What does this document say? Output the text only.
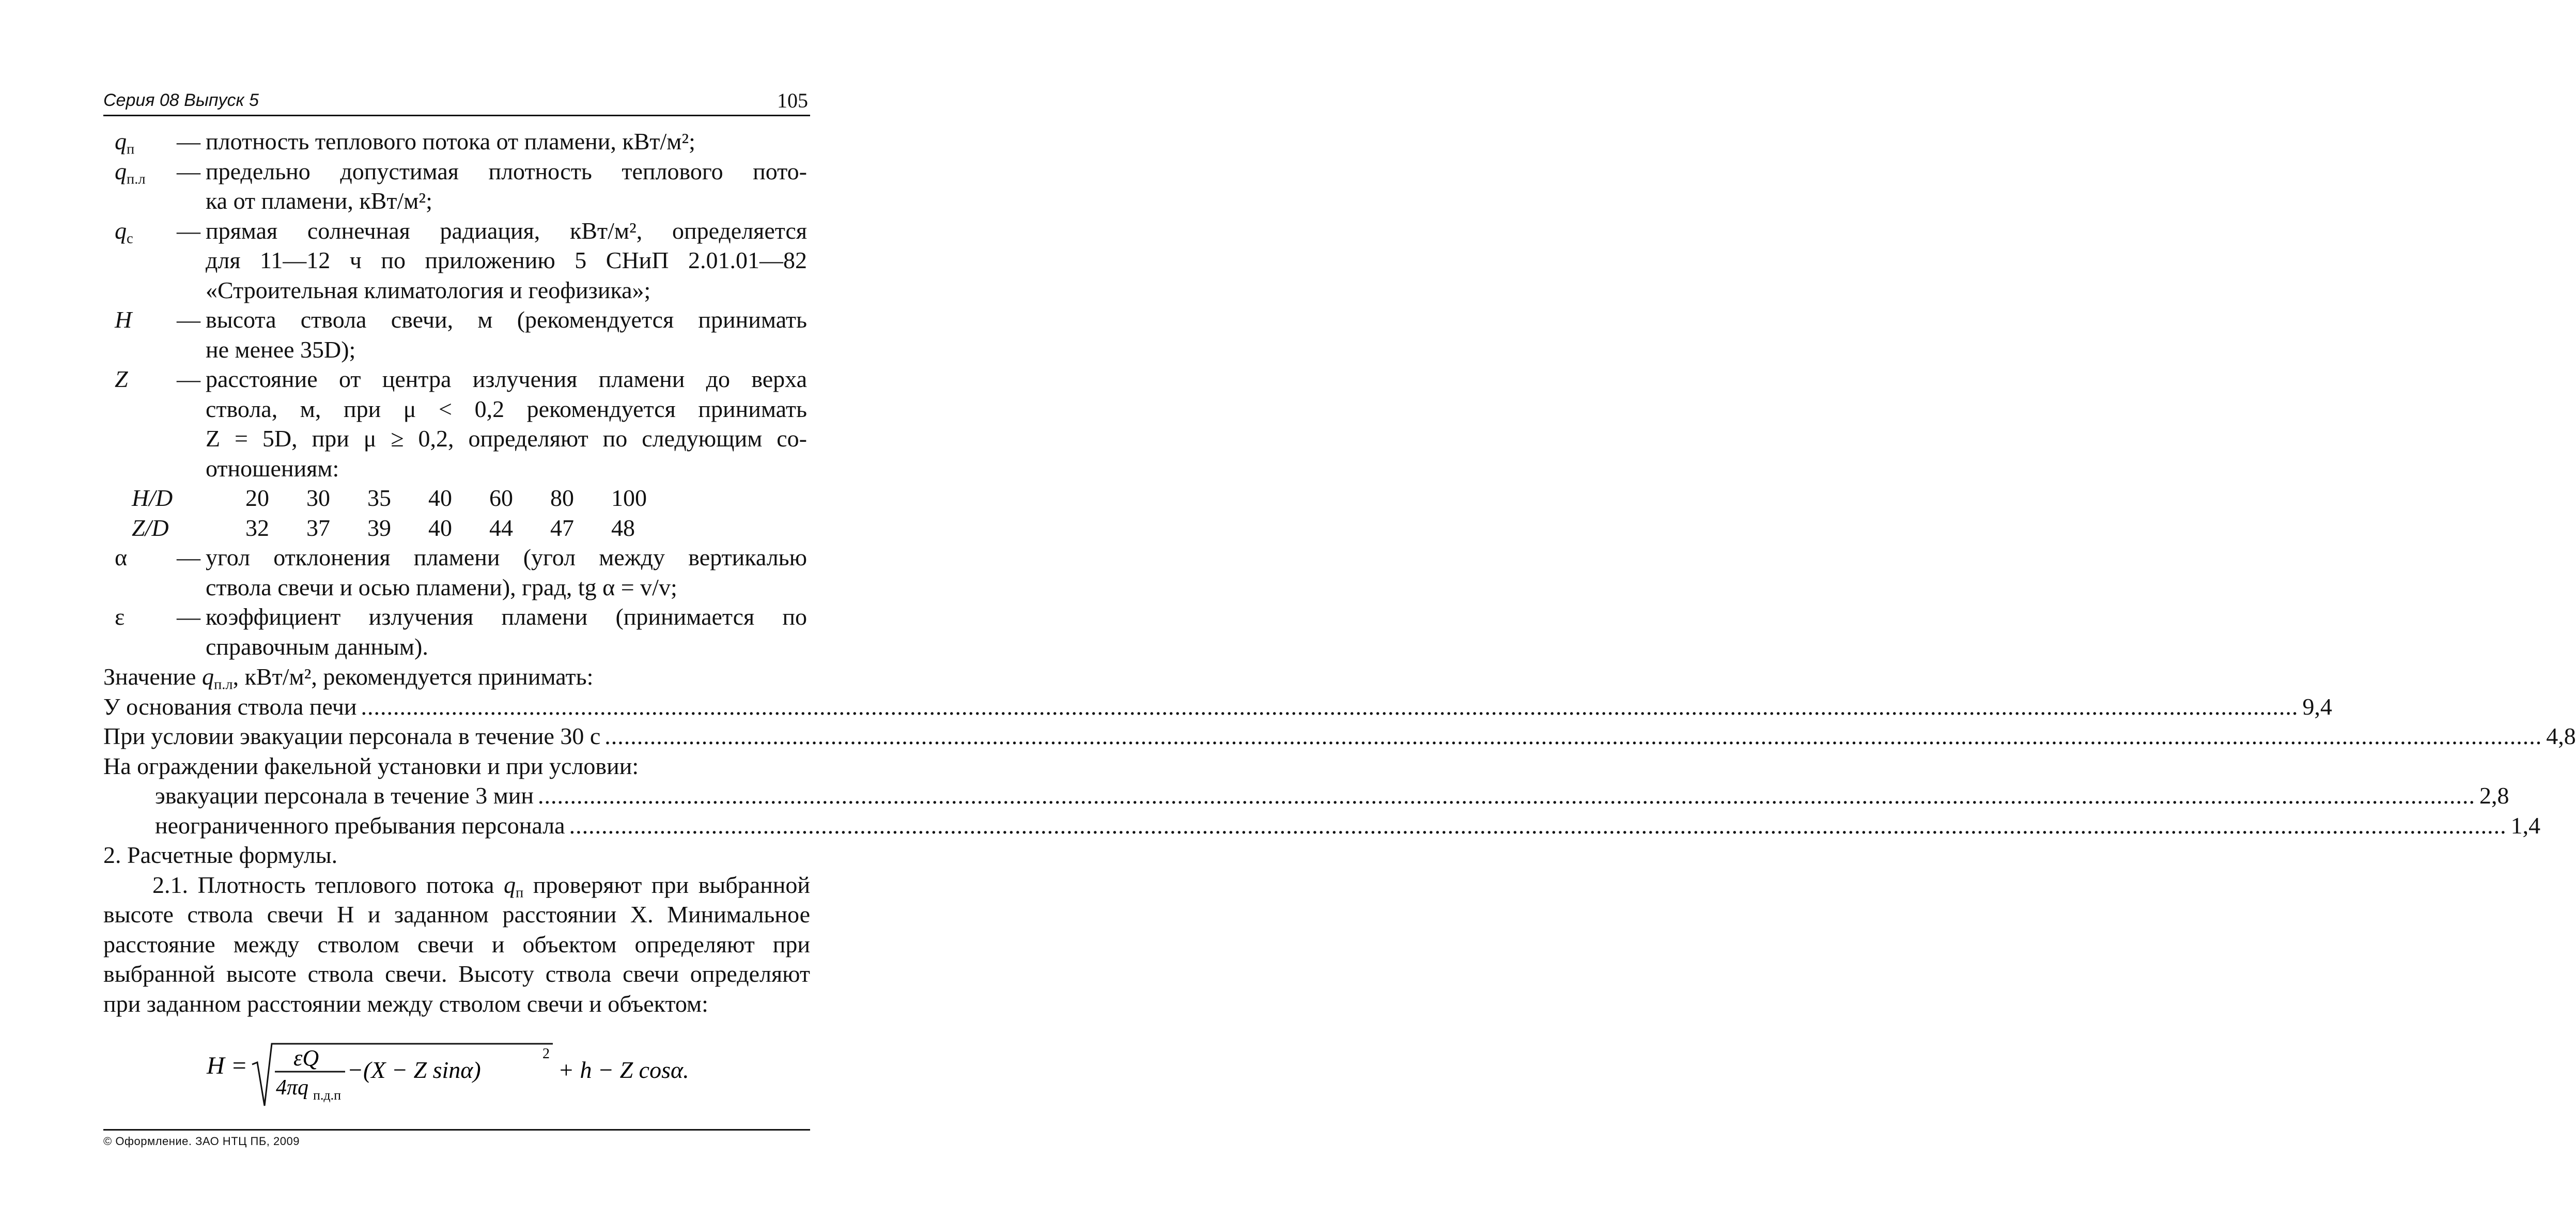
Серия 08 Выпуск 5	105
$q_п$	— плотность теплового потока от пламени, кВт/м²;
$q_{п.л}$	— предельно допустимая плотность теплового пото-
ка от пламени, кВт/м²;
$q_с$	— прямая солнечная радиация, кВт/м², определяется
для 11—12 ч по приложению 5 СНиП 2.01.01—82
«Строительная климатология и геофизика»;
H	— высота ствола свечи, м (рекомендуется принимать
не менее 35D);
Z	— расстояние от центра излучения пламени до верха
ствола, м, при μ < 0,2 рекомендуется принимать
Z = 5D, при μ ≥ 0,2, определяют по следующим со-
отношениям:
H/D	20	30	35	40	60	80	100
Z/D	32	37	39	40	44	47	48
α	— угол отклонения пламени (угол между вертикалью
ствола свечи и осью пламени), град, tg α = v/v;
ε	— коэффициент излучения пламени (принимается по
справочным данным).
Значение $q_{п.л}$, кВт/м², рекомендуется принимать:
У основания ствола печи ............................................................................................................................................................................................................................................................................................................ 9,4
При условии эвакуации персонала в течение 30 с ............................................................................................................................................................................................................................................................................................................ 4,8
На ограждении факельной установки и при условии:
эвакуации персонала в течение 3 мин ............................................................................................................................................................................................................................................................................................................ 2,8
неограниченного пребывания персонала ............................................................................................................................................................................................................................................................................................................ 1,4
2. Расчетные формулы.
2.1. Плотность теплового потока $q_п$ проверяют при выбранной высоте ствола свечи H и заданном расстоянии X. Минимальное расстояние между стволом свечи и объектом определяют при выбранной высоте ствола свечи. Высоту ствола свечи определяют при заданном расстоянии между стволом свечи и объектом:
H = εQ
4πq п.д.п
−(X − Z sinα)
2
+ h − Z cosα.
© Оформление. ЗАО НТЦ ПБ, 2009
